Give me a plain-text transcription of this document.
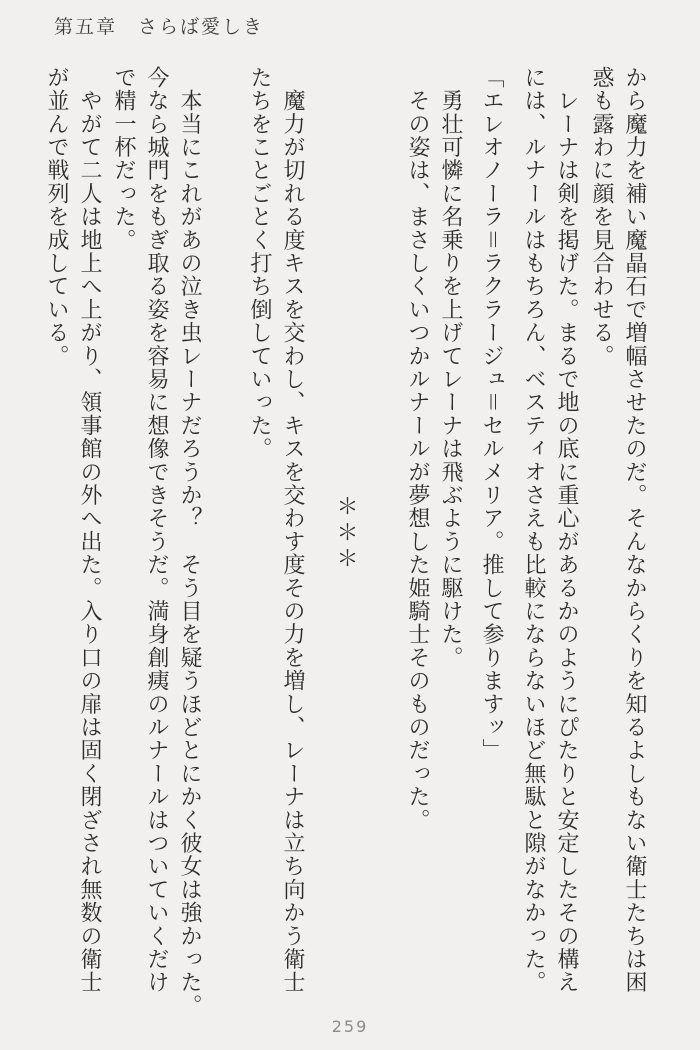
第五章　さらば愛しき
から魔力を補い魔晶石で増幅させたのだ。そんなからくりを知るよしもない衛士たちは困
惑も露わに顔を見合わせる。
　レーナは剣を掲げた。まるで地の底に重心があるかのようにぴたりと安定したその構え
には、ルナールはもちろん、ベスティオさえも比較にならないほど無駄と隙がなかった。
「エレオノーラ＝ラクラージュ＝セルメリア。推して参りますッ」
　勇壮可憐に名乗りを上げてレーナは飛ぶように駆けた。
　その姿は、まさしくいつかルナールが夢想した姫騎士そのものだった。
＊＊＊
　魔力が切れる度キスを交わし、キスを交わす度その力を増し、レーナは立ち向かう衛士
たちをことごとく打ち倒していった。
　本当にこれがあの泣き虫レーナだろうか？　そう目を疑うほどとにかく彼女は強かった。
今なら城門をもぎ取る姿を容易に想像できそうだ。満身創痍のルナールはついていくだけ
で精一杯だった。
　やがて二人は地上へ上がり、領事館の外へ出た。入り口の扉は固く閉ざされ無数の衛士
が並んで戦列を成している。
259
